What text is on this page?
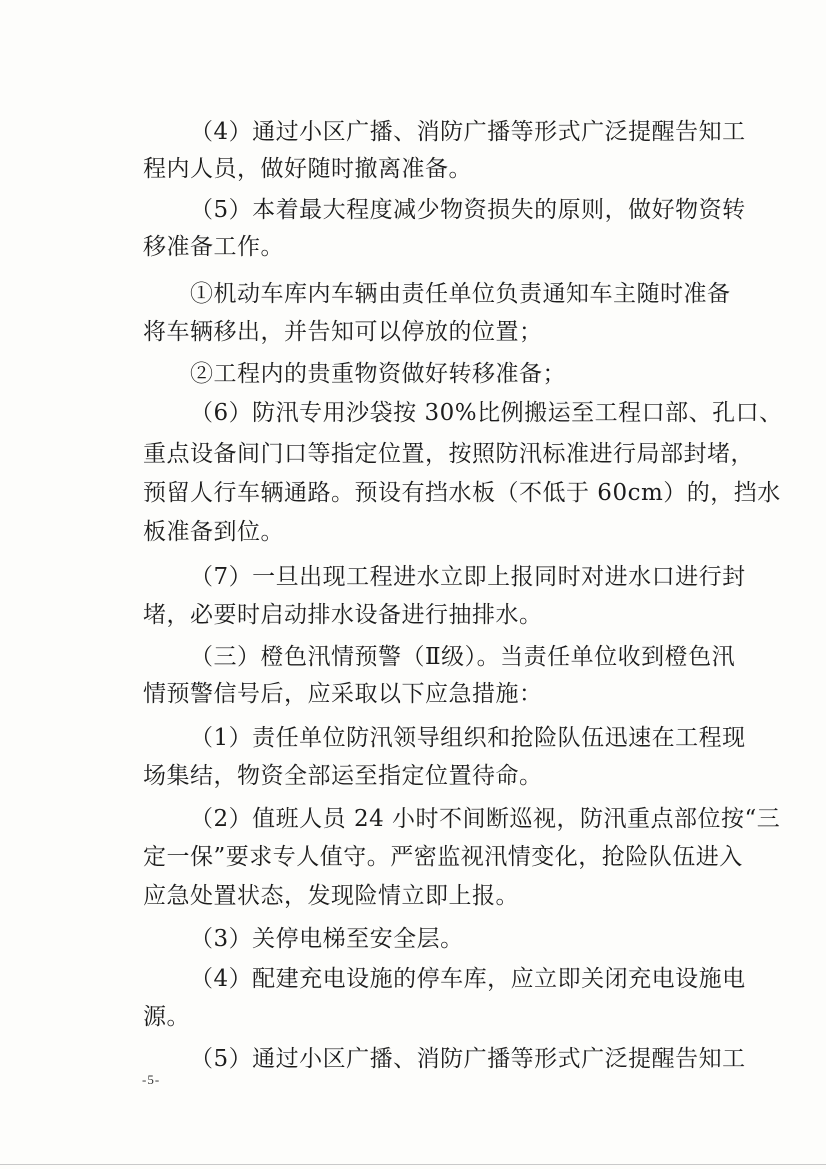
（4）通过小区广播、消防广播等形式广泛提醒告知工
程内人员，做好随时撤离准备。
（5）本着最大程度减少物资损失的原则，做好物资转
移准备工作。
①机动车库内车辆由责任单位负责通知车主随时准备
将车辆移出，并告知可以停放的位置；
②工程内的贵重物资做好转移准备；
（6）防汛专用沙袋按 30%比例搬运至工程口部、孔口、
重点设备间门口等指定位置，按照防汛标准进行局部封堵，
预留人行车辆通路。预设有挡水板（不低于 60cm）的，挡水
板准备到位。
（7）一旦出现工程进水立即上报同时对进水口进行封
堵，必要时启动排水设备进行抽排水。
（三）橙色汛情预警（Ⅱ级）。当责任单位收到橙色汛
情预警信号后，应采取以下应急措施：
（1）责任单位防汛领导组织和抢险队伍迅速在工程现
场集结，物资全部运至指定位置待命。
（2）值班人员 24 小时不间断巡视，防汛重点部位按“三
定一保”要求专人值守。严密监视汛情变化，抢险队伍进入
应急处置状态，发现险情立即上报。
（3）关停电梯至安全层。
（4）配建充电设施的停车库，应立即关闭充电设施电
源。
（5）通过小区广播、消防广播等形式广泛提醒告知工
-5-
